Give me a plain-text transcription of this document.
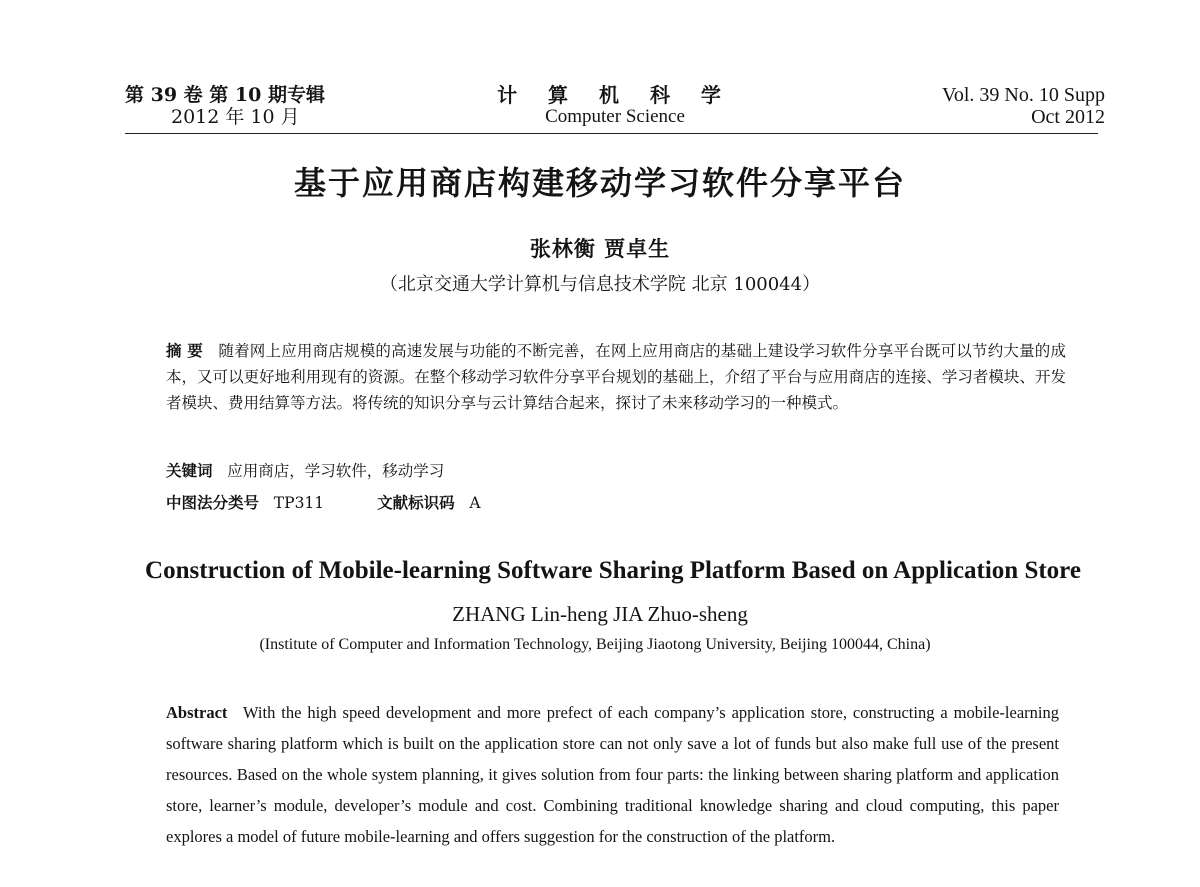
第 39 卷 第 10 期专辑
2012 年 10 月
计 算 机 科 学
Computer Science
Vol. 39 No. 10 Supp
Oct 2012
基于应用商店构建移动学习软件分享平台
张林衡 贾卓生
（北京交通大学计算机与信息技术学院 北京 100044）
摘 要 随着网上应用商店规模的高速发展与功能的不断完善，在网上应用商店的基础上建设学习软件分享平台既可以节约大量的成本，又可以更好地利用现有的资源。在整个移动学习软件分享平台规划的基础上，介绍了平台与应用商店的连接、学习者模块、开发者模块、费用结算等方法。将传统的知识分享与云计算结合起来，探讨了未来移动学习的一种模式。
关键词 应用商店，学习软件，移动学习
中图法分类号 TP311	文献标识码 A
Construction of Mobile-learning Software Sharing Platform Based on Application Store
ZHANG Lin-heng JIA Zhuo-sheng
(Institute of Computer and Information Technology, Beijing Jiaotong University, Beijing 100044, China)
Abstract With the high speed development and more prefect of each company’s application store, constructing a mobile-learning software sharing platform which is built on the application store can not only save a lot of funds but also make full use of the present resources. Based on the whole system planning, it gives solution from four parts: the linking between sharing platform and application store, learner’s module, developer’s module and cost. Combining traditional knowledge sharing and cloud computing, this paper explores a model of future mobile-learning and offers suggestion for the construction of the platform.
